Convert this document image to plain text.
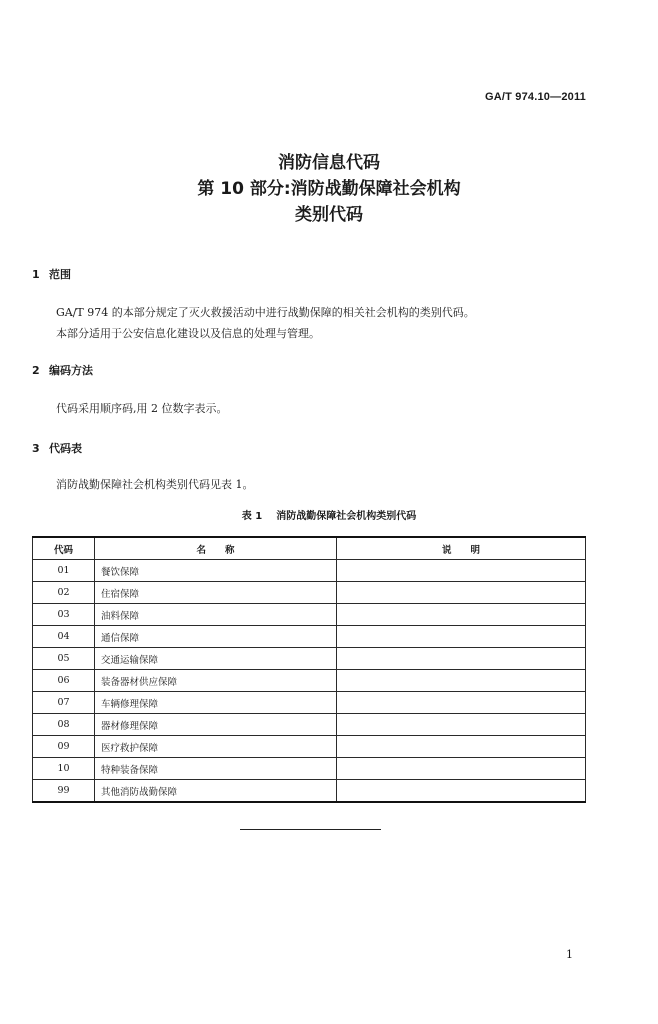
GA/T 974.10—2011
消防信息代码
第 10 部分:消防战勤保障社会机构
类别代码
1 范围
GA/T 974 的本部分规定了灭火救援活动中进行战勤保障的相关社会机构的类别代码。
本部分适用于公安信息化建设以及信息的处理与管理。
2 编码方法
代码采用顺序码,用 2 位数字表示。
3 代码表
消防战勤保障社会机构类别代码见表 1。
表 1 消防战勤保障社会机构类别代码
代码	名　　称	说　　明
01	餐饮保障	
02	住宿保障	
03	油料保障	
04	通信保障	
05	交通运输保障	
06	装备器材供应保障	
07	车辆修理保障	
08	器材修理保障	
09	医疗救护保障	
10	特种装备保障	
99	其他消防战勤保障	
1
